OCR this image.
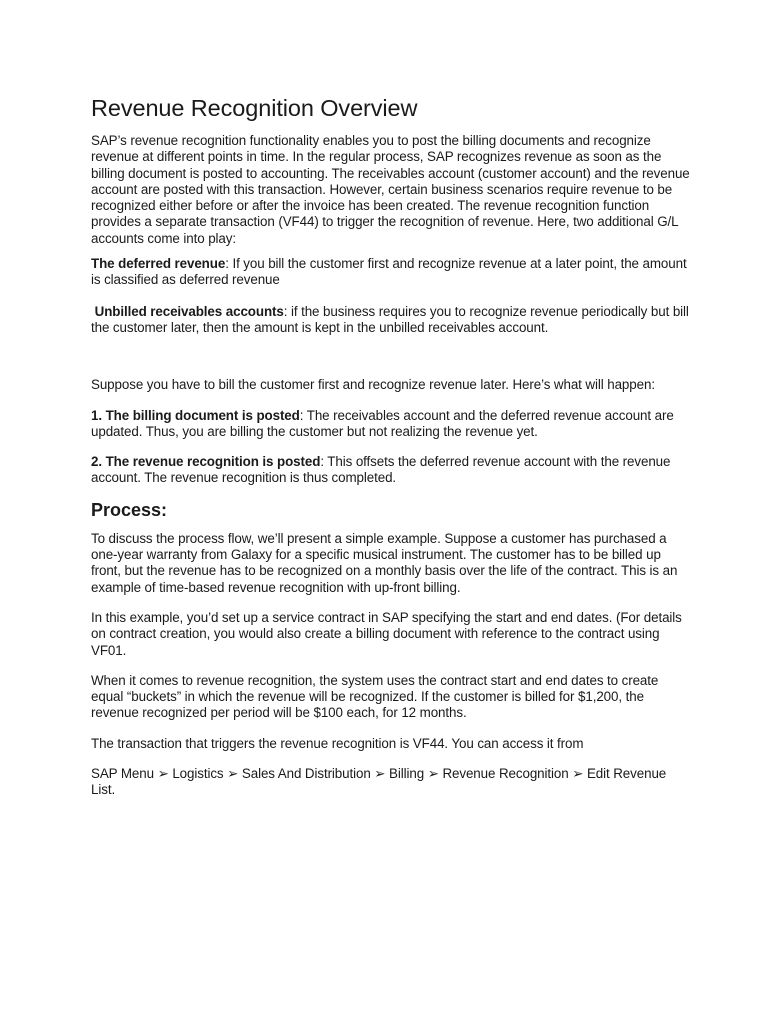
Revenue Recognition Overview

SAP’s revenue recognition functionality enables you to post the billing documents and recognize revenue at different points in time. In the regular process, SAP recognizes revenue as soon as the billing document is posted to accounting. The receivables account (customer account) and the revenue account are posted with this transaction. However, certain business scenarios require revenue to be recognized either before or after the invoice has been created. The revenue recognition function provides a separate transaction (VF44) to trigger the recognition of revenue. Here, two additional G/L accounts come into play:

The deferred revenue: If you bill the customer first and recognize revenue at a later point, the amount is classified as deferred revenue

Unbilled receivables accounts: if the business requires you to recognize revenue periodically but bill the customer later, then the amount is kept in the unbilled receivables account.

Suppose you have to bill the customer first and recognize revenue later. Here’s what will happen:

1. The billing document is posted: The receivables account and the deferred revenue account are updated. Thus, you are billing the customer but not realizing the revenue yet.

2. The revenue recognition is posted: This offsets the deferred revenue account with the revenue account. The revenue recognition is thus completed.

Process:

To discuss the process flow, we’ll present a simple example. Suppose a customer has purchased a one-year warranty from Galaxy for a specific musical instrument. The customer has to be billed up front, but the revenue has to be recognized on a monthly basis over the life of the contract. This is an example of time-based revenue recognition with up-front billing.

In this example, you’d set up a service contract in SAP specifying the start and end dates. (For details on contract creation, you would also create a billing document with reference to the contract using VF01.

When it comes to revenue recognition, the system uses the contract start and end dates to create equal “buckets” in which the revenue will be recognized. If the customer is billed for $1,200, the revenue recognized per period will be $100 each, for 12 months.

The transaction that triggers the revenue recognition is VF44. You can access it from

SAP Menu ➢ Logistics ➢ Sales And Distribution ➢ Billing ➢ Revenue Recognition ➢ Edit Revenue List.
